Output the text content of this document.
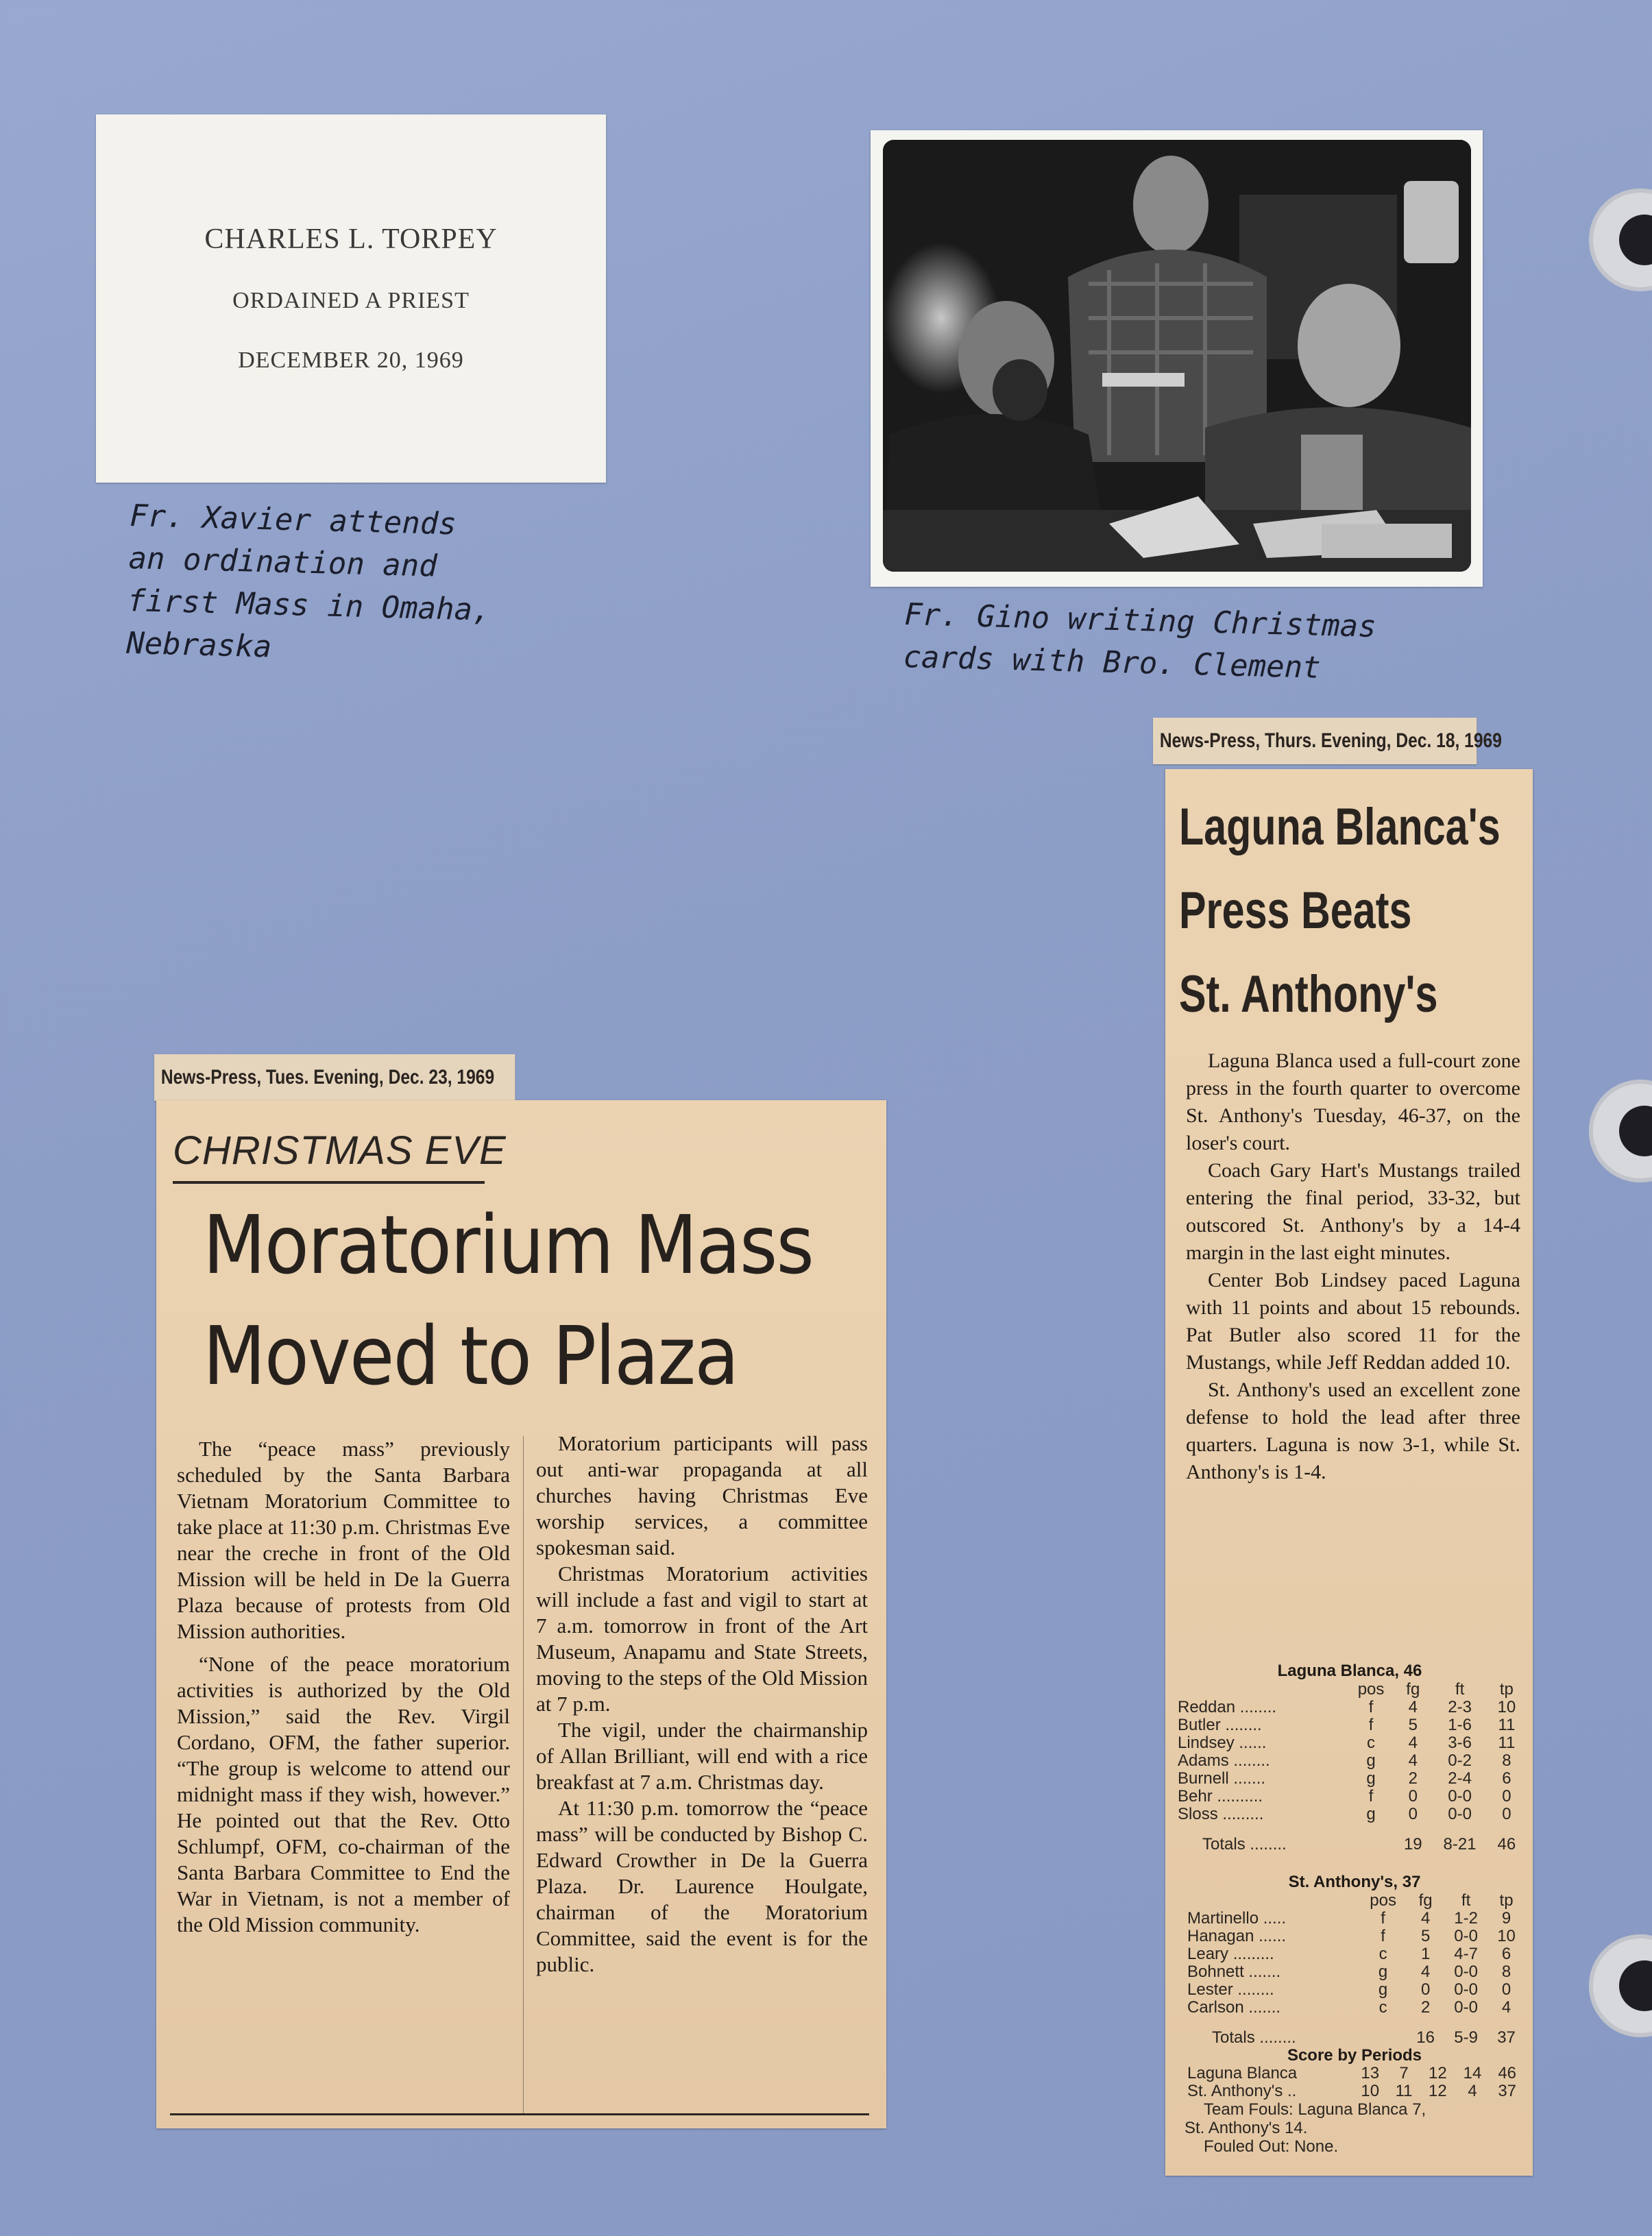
CHARLES L. TORPEY
ORDAINED A PRIEST
DECEMBER 20, 1969
Fr. Xavier attends
an ordination and
first Mass in Omaha,
Nebraska
Fr. Gino writing Christmas
cards with Bro. Clement
News-Press, Tues. Evening, Dec. 23, 1969
CHRISTMAS EVE
Moratorium Mass
Moved to Plaza

The “peace mass” previously scheduled by the Santa Barbara Vietnam Moratorium Committee to take place at 11:30 p.m. Christmas Eve near the creche in front of the Old Mission will be held in De la Guerra Plaza because of protests from Old Mission authorities.

“None of the peace moratorium activities is authorized by the Old Mission,” said the Rev. Virgil Cordano, OFM, the father superior. “The group is welcome to attend our midnight mass if they wish, however.” He pointed out that the Rev. Otto Schlumpf, OFM, co-chairman of the Santa Barbara Committee to End the War in Vietnam, is not a member of the Old Mission community.

Moratorium participants will pass out anti-war propaganda at all churches having Christmas Eve worship services, a committee spokesman said.

Christmas Moratorium activities will include a fast and vigil to start at 7 a.m. tomorrow in front of the Art Museum, Anapamu and State Streets, moving to the steps of the Old Mission at 7 p.m.

The vigil, under the chairmanship of Allan Brilliant, will end with a rice breakfast at 7 a.m. Christmas day.

At 11:30 p.m. tomorrow the “peace mass” will be conducted by Bishop C. Edward Crowther in De la Guerra Plaza. Dr. Laurence Houlgate, chairman of the Moratorium Committee, said the event is for the public.

News-Press, Thurs. Evening, Dec. 18, 1969
Laguna Blanca's
Press Beats
St. Anthony's

Laguna Blanca used a full-court zone press in the fourth quarter to overcome St. Anthony's Tuesday, 46-37, on the loser's court.

Coach Gary Hart's Mustangs trailed entering the final period, 33-32, but outscored St. Anthony's by a 14-4 margin in the last eight minutes.

Center Bob Lindsey paced Laguna with 11 points and about 15 rebounds. Pat Butler also scored 11 for the Mustangs, while Jeff Reddan added 10.

St. Anthony's used an excellent zone defense to hold the lead after three quarters. Laguna is now 3-1, while St. Anthony's is 1-4.

Laguna Blanca, 46
	pos	fg	ft	tp
Reddan ........	f	4	2-3	10
Butler ........	f	5	1-6	11
Lindsey ......	c	4	3-6	11
Adams ........	g	4	0-2	8
Burnell .......	g	2	2-4	6
Behr ..........	f	0	0-0	0
Sloss .........	g	0	0-0	0

Totals ........		19	8-21	46
St. Anthony's, 37
	pos	fg	ft	tp
Martinello .....	f	4	1-2	9
Hanagan ......	f	5	0-0	10
Leary .........	c	1	4-7	6
Bohnett .......	g	4	0-0	8
Lester ........	g	0	0-0	0
Carlson .......	c	2	0-0	4

Totals ........		16	5-9	37
Score by Periods
Laguna Blanca	13	7	12	14	46
St. Anthony's ..	10	11	12	4	37
Team Fouls: Laguna Blanca 7,
St. Anthony's 14.
Fouled Out: None.
